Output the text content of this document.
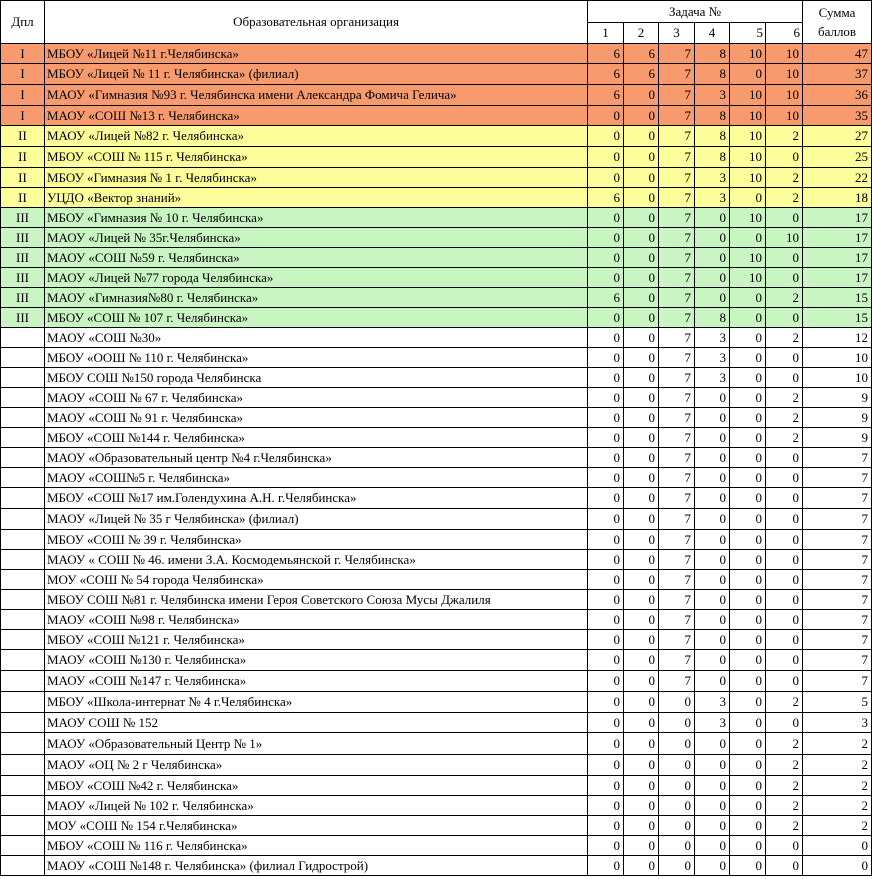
Дпл	Образовательная организация	Задача №						Сумма баллов
		1	2	3	4	5	6	
I	МБОУ «Лицей №11 г.Челябинска»	6	6	7	8	10	10	47
I	МБОУ «Лицей № 11 г. Челябинска» (филиал)	6	6	7	8	0	10	37
I	МАОУ «Гимназия №93 г. Челябинска имени Александра Фомича Гелича»	6	0	7	3	10	10	36
I	МАОУ «СОШ №13 г. Челябинска»	0	0	7	8	10	10	35
II	МАОУ «Лицей №82 г. Челябинска»	0	0	7	8	10	2	27
II	МБОУ «СОШ № 115 г. Челябинска»	0	0	7	8	10	0	25
II	МБОУ «Гимназия № 1 г. Челябинска»	0	0	7	3	10	2	22
II	УЦДО «Вектор знаний»	6	0	7	3	0	2	18
III	МБОУ «Гимназия № 10 г. Челябинска»	0	0	7	0	10	0	17
III	МАОУ «Лицей № 35г.Челябинска»	0	0	7	0	0	10	17
III	МАОУ «СОШ №59 г. Челябинска»	0	0	7	0	10	0	17
III	МАОУ «Лицей №77 города Челябинска»	0	0	7	0	10	0	17
III	МАОУ «Гимназия№80 г. Челябинска»	6	0	7	0	0	2	15
III	МБОУ «СОШ № 107 г. Челябинска»	0	0	7	8	0	0	15
	МАОУ «СОШ №30»	0	0	7	3	0	2	12
	МБОУ «ООШ № 110 г. Челябинска»	0	0	7	3	0	0	10
	МБОУ СОШ №150 города Челябинска	0	0	7	3	0	0	10
	МАОУ «СОШ № 67 г. Челябинска»	0	0	7	0	0	2	9
	МАОУ «СОШ № 91 г. Челябинска»	0	0	7	0	0	2	9
	МБОУ «СОШ №144 г. Челябинска»	0	0	7	0	0	2	9
	МАОУ «Образовательный центр №4 г.Челябинска»	0	0	7	0	0	0	7
	МАОУ «СОШ№5 г. Челябинска»	0	0	7	0	0	0	7
	МБОУ «СОШ №17 им.Голендухина А.Н. г.Челябинска»	0	0	7	0	0	0	7
	МАОУ «Лицей № 35 г Челябинска» (филиал)	0	0	7	0	0	0	7
	МБОУ «СОШ № 39 г. Челябинска»	0	0	7	0	0	0	7
	МАОУ « СОШ № 46. имени З.А. Космодемьянской г. Челябинска»	0	0	7	0	0	0	7
	МОУ «СОШ № 54 города Челябинска»	0	0	7	0	0	0	7
	МБОУ СОШ №81 г. Челябинска имени Героя Советского Союза Мусы Джалиля	0	0	7	0	0	0	7
	МАОУ «СОШ №98 г. Челябинска»	0	0	7	0	0	0	7
	МБОУ «СОШ №121 г. Челябинска»	0	0	7	0	0	0	7
	МАОУ «СОШ №130 г. Челябинска»	0	0	7	0	0	0	7
	МАОУ «СОШ №147 г. Челябинска»	0	0	7	0	0	0	7
	МБОУ «Школа-интернат № 4 г.Челябинска»	0	0	0	3	0	2	5
	МАОУ СОШ № 152	0	0	0	3	0	0	3
	МАОУ «Образовательный Центр № 1»	0	0	0	0	0	2	2
	МАОУ «ОЦ № 2 г Челябинска»	0	0	0	0	0	2	2
	МБОУ «СОШ №42 г. Челябинска»	0	0	0	0	0	2	2
	МАОУ «Лицей № 102 г. Челябинска»	0	0	0	0	0	2	2
	МОУ «СОШ № 154 г.Челябинска»	0	0	0	0	0	2	2
	МБОУ «СОШ № 116 г. Челябинска»	0	0	0	0	0	0	0
	МАОУ «СОШ №148 г. Челябинска» (филиал Гидрострой)	0	0	0	0	0	0	0
